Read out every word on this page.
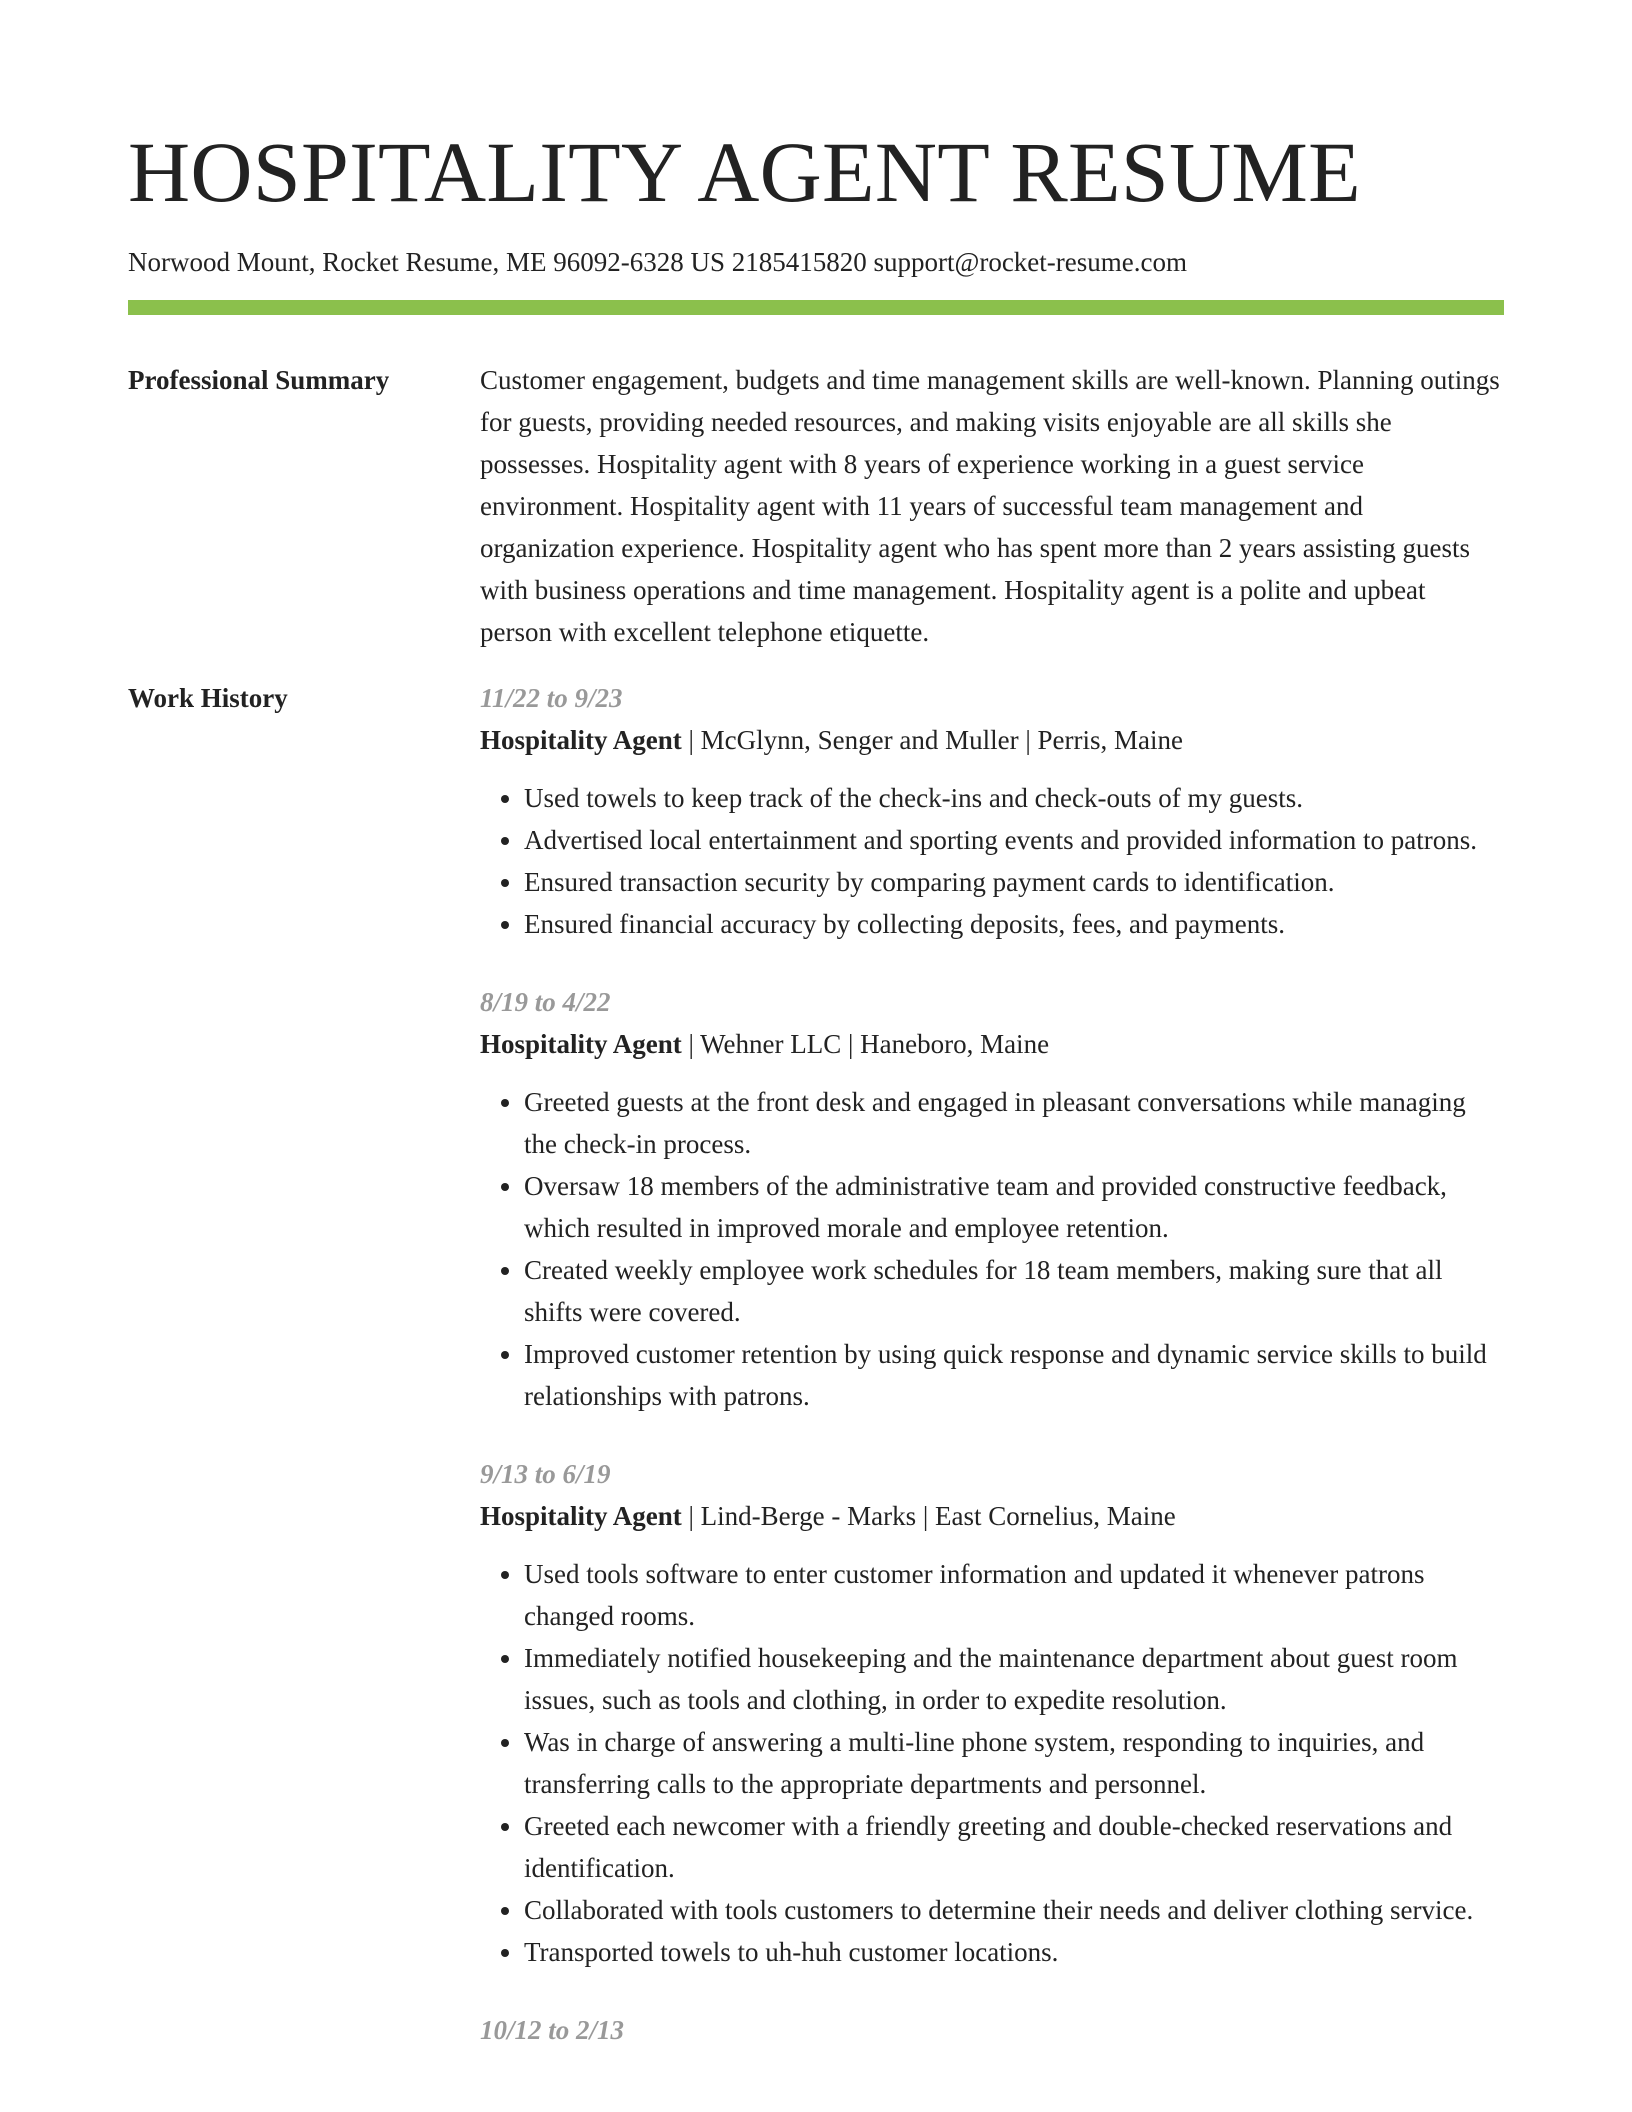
HOSPITALITY AGENT RESUME
Norwood Mount, Rocket Resume, ME 96092-6328 US 2185415820 support@rocket-resume.com
Professional Summary	Customer engagement, budgets and time management skills are well-known. Planning outings for guests, providing needed resources, and making visits enjoyable are all skills she possesses. Hospitality agent with 8 years of experience working in a guest service environment. Hospitality agent with 11 years of successful team management and organization experience. Hospitality agent who has spent more than 2 years assisting guests with business operations and time management. Hospitality agent is a polite and upbeat person with excellent telephone etiquette.

Work History	11/22 to 9/23
Hospitality Agent | McGlynn, Senger and Muller | Perris, Maine
• Used towels to keep track of the check-ins and check-outs of my guests.
• Advertised local entertainment and sporting events and provided information to patrons.
• Ensured transaction security by comparing payment cards to identification.
• Ensured financial accuracy by collecting deposits, fees, and payments.
8/19 to 4/22
Hospitality Agent | Wehner LLC | Haneboro, Maine
• Greeted guests at the front desk and engaged in pleasant conversations while managing the check-in process.
• Oversaw 18 members of the administrative team and provided constructive feedback, which resulted in improved morale and employee retention.
• Created weekly employee work schedules for 18 team members, making sure that all shifts were covered.
• Improved customer retention by using quick response and dynamic service skills to build relationships with patrons.
9/13 to 6/19
Hospitality Agent | Lind-Berge - Marks | East Cornelius, Maine
• Used tools software to enter customer information and updated it whenever patrons changed rooms.
• Immediately notified housekeeping and the maintenance department about guest room issues, such as tools and clothing, in order to expedite resolution.
• Was in charge of answering a multi-line phone system, responding to inquiries, and transferring calls to the appropriate departments and personnel.
• Greeted each newcomer with a friendly greeting and double-checked reservations and identification.
• Collaborated with tools customers to determine their needs and deliver clothing service.
• Transported towels to uh-huh customer locations.
10/12 to 2/13
